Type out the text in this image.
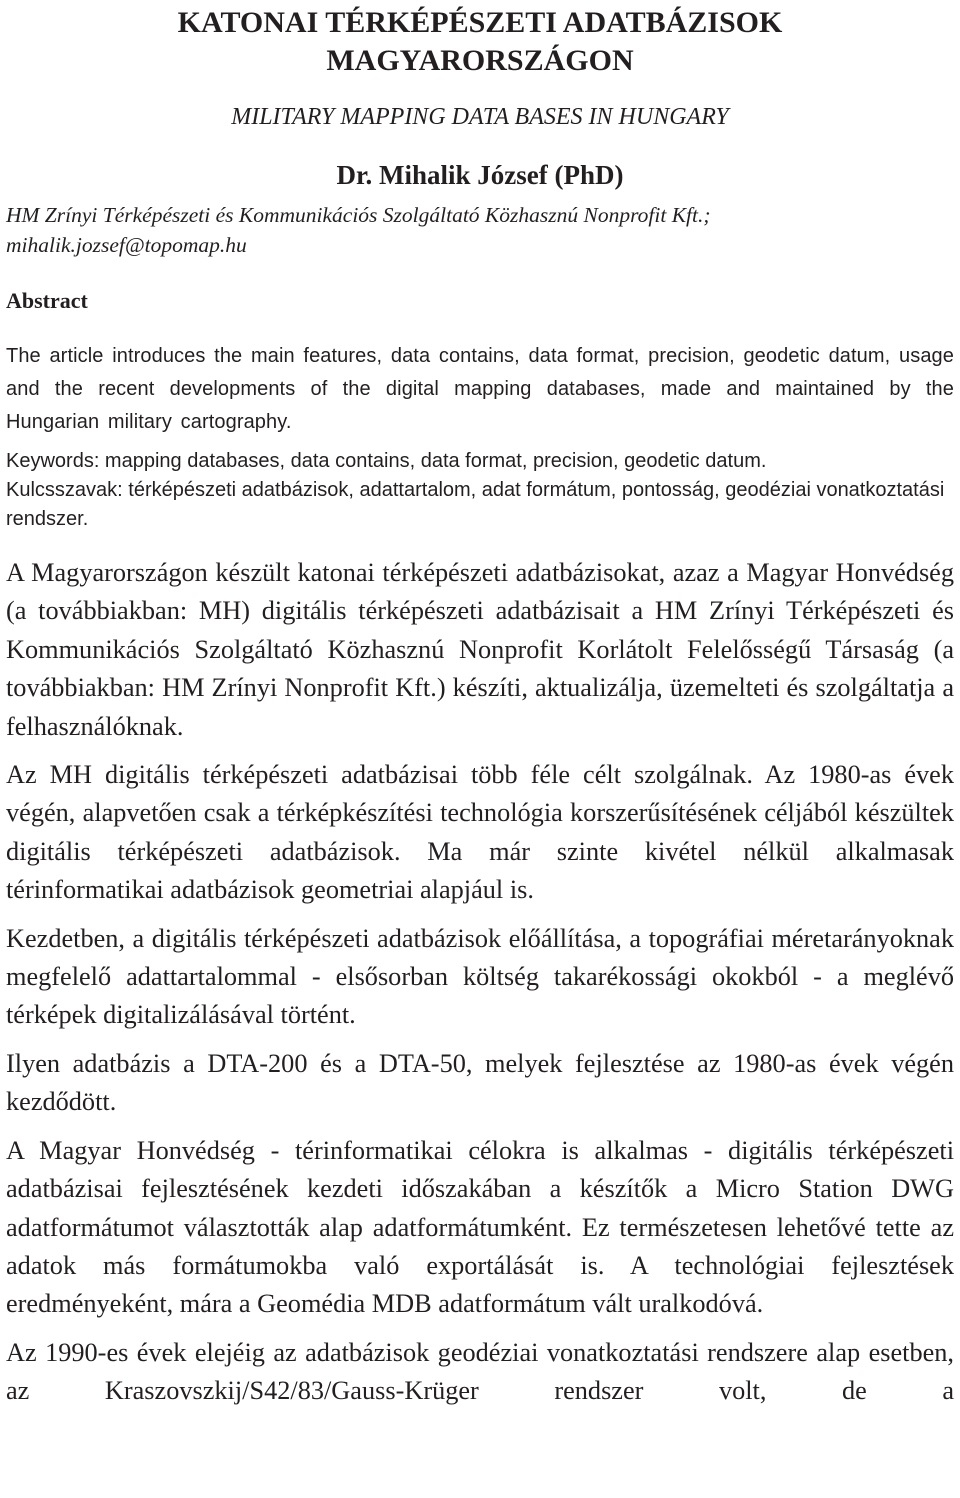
KATONAI TÉRKÉPÉSZETI ADATBÁZISOK
MAGYARORSZÁGON

MILITARY MAPPING DATA BASES IN HUNGARY

Dr. Mihalik József (PhD)

HM Zrínyi Térképészeti és Kommunikációs Szolgáltató Közhasznú Nonprofit Kft.;
mihalik.jozsef@topomap.hu

Abstract

The article introduces the main features, data contains, data format, precision, geodetic datum, usage and the recent developments of the digital mapping databases, made and maintained by the Hungarian military cartography.

Keywords: mapping databases, data contains, data format, precision, geodetic datum.

Kulcsszavak: térképészeti adatbázisok, adattartalom, adat formátum, pontosság, geodéziai vonatkoztatási rendszer.

A Magyarországon készült katonai térképészeti adatbázisokat, azaz a Magyar Honvédség (a továbbiakban: MH) digitális térképészeti adatbázisait a HM Zrínyi Térképészeti és Kommunikációs Szolgáltató Közhasznú Nonprofit Korlátolt Felelősségű Társaság (a továbbiakban: HM Zrínyi Nonprofit Kft.) készíti, aktualizálja, üzemelteti és szolgáltatja a felhasználóknak.

Az MH digitális térképészeti adatbázisai több féle célt szolgálnak. Az 1980-as évek végén, alapvetően csak a térképkészítési technológia korszerűsítésének céljából készültek digitális térképészeti adatbázisok. Ma már szinte kivétel nélkül alkalmasak térinformatikai adatbázisok geometriai alapjául is.

Kezdetben, a digitális térképészeti adatbázisok előállítása, a topográfiai méretarányoknak megfelelő adattartalommal - elsősorban költség takarékossági okokból - a meglévő térképek digitalizálásával történt.

Ilyen adatbázis a DTA-200 és a DTA-50, melyek fejlesztése az 1980-as évek végén kezdődött.

A Magyar Honvédség - térinformatikai célokra is alkalmas - digitális térképészeti adatbázisai fejlesztésének kezdeti időszakában a készítők a Micro Station DWG adatformátumot választották alap adatformátumként. Ez természetesen lehetővé tette az adatok más formátumokba való exportálását is. A technológiai fejlesztések eredményeként, mára a Geomédia MDB adatformátum vált uralkodóvá.

Az 1990-es évek elejéig az adatbázisok geodéziai vonatkoztatási rendszere alap esetben, az Kraszovszkij/S42/83/Gauss-Krüger rendszer volt, de a
